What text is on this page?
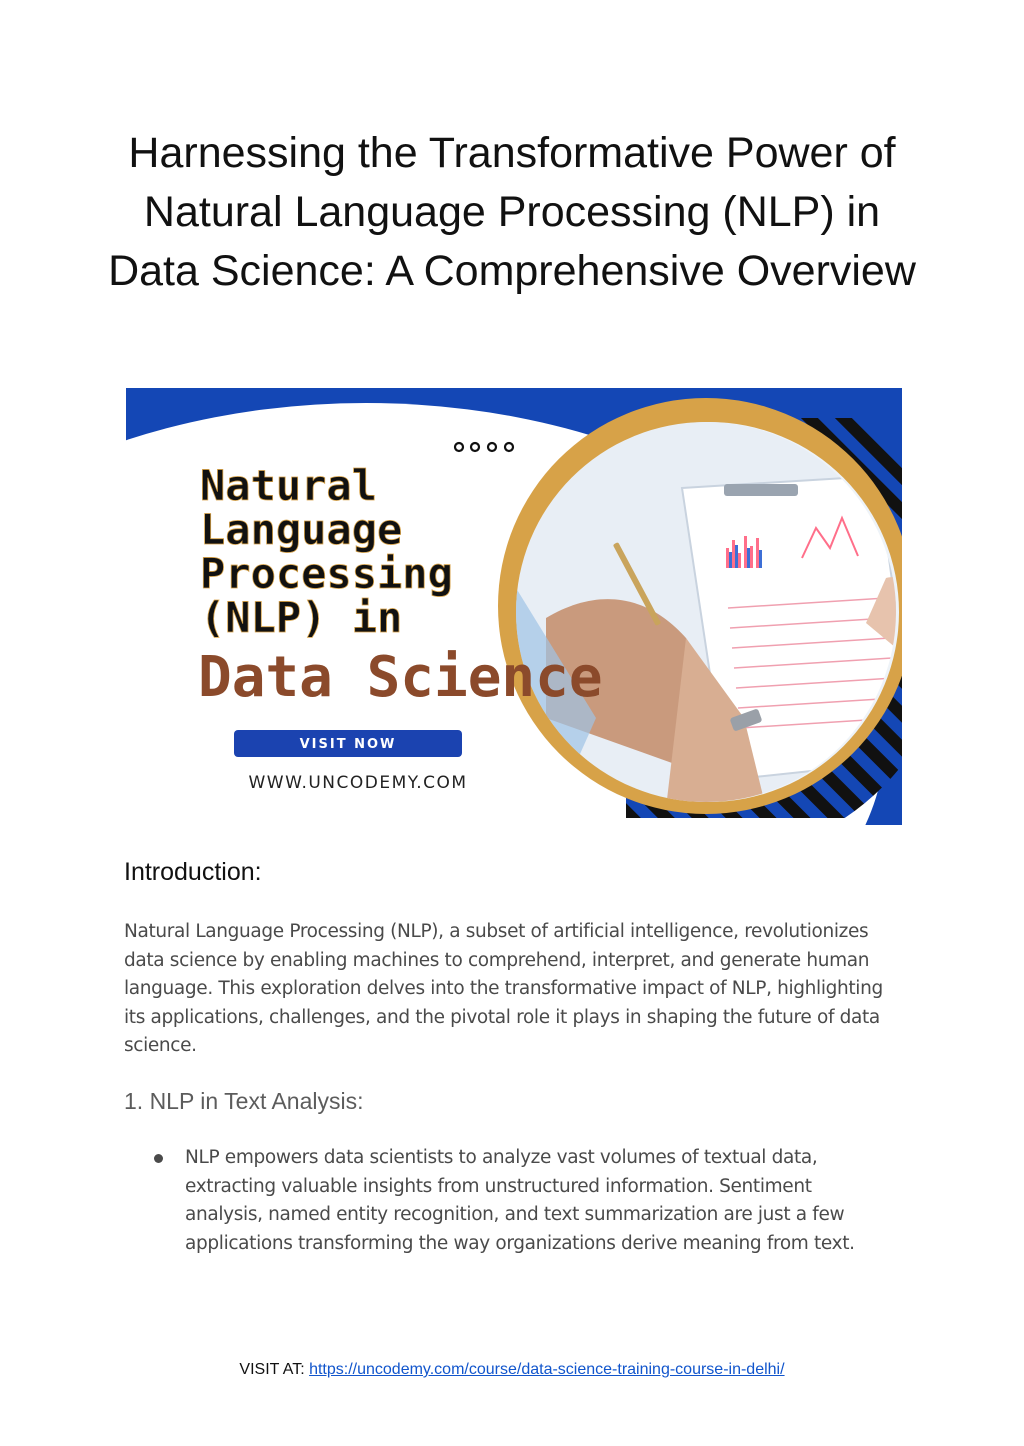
Harnessing the Transformative Power of Natural Language Processing (NLP) in Data Science: A Comprehensive Overview
Natural
Language
Processing
(NLP) in
Data Science
VISIT NOW
WWW.UNCODEMY.COM
Introduction:

Natural Language Processing (NLP), a subset of artificial intelligence, revolutionizes data science by enabling machines to comprehend, interpret, and generate human language. This exploration delves into the transformative impact of NLP, highlighting its applications, challenges, and the pivotal role it plays in shaping the future of data science.

1. NLP in Text Analysis:
NLP empowers data scientists to analyze vast volumes of textual data, extracting valuable insights from unstructured information. Sentiment analysis, named entity recognition, and text summarization are just a few applications transforming the way organizations derive meaning from text.
VISIT AT: https://uncodemy.com/course/data-science-training-course-in-delhi/
